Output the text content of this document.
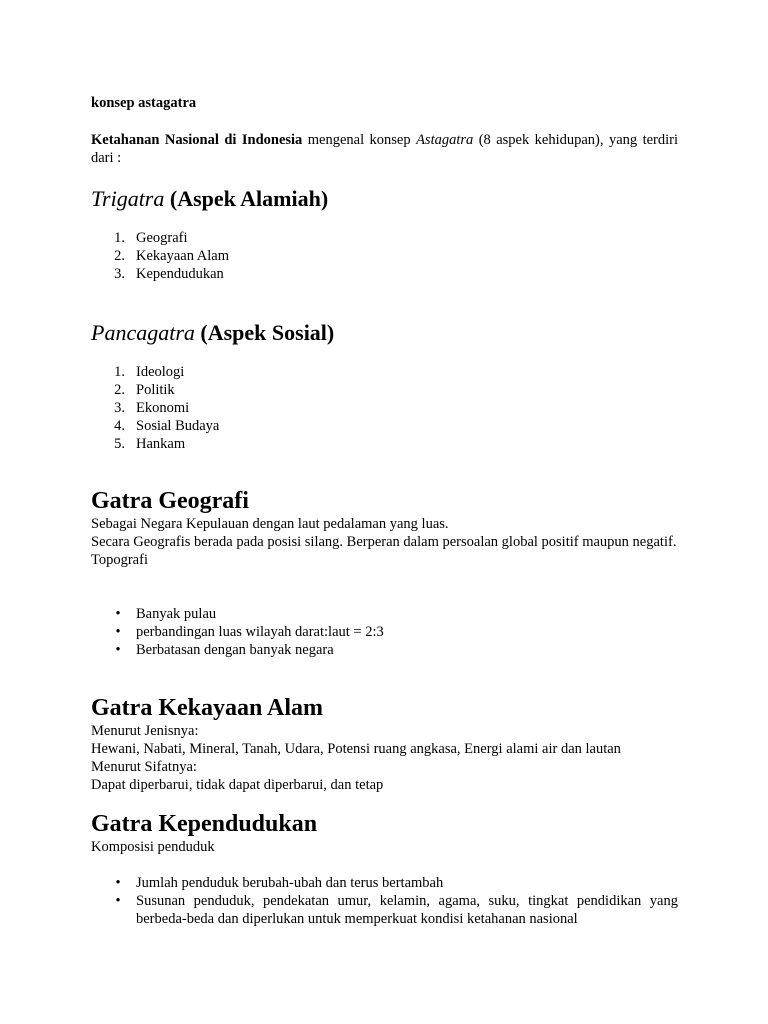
konsep astagatra
Ketahanan Nasional di Indonesia mengenal konsep Astagatra (8 aspek kehidupan), yang terdiri dari :
Trigatra (Aspek Alamiah)
1. Geografi
2. Kekayaan Alam
3. Kependudukan
Pancagatra (Aspek Sosial)
1. Ideologi
2. Politik
3. Ekonomi
4. Sosial Budaya
5. Hankam
Gatra Geografi
Sebagai Negara Kepulauan dengan laut pedalaman yang luas.
Secara Geografis berada pada posisi silang. Berperan dalam persoalan global positif maupun negatif.
Topografi
• Banyak pulau
• perbandingan luas wilayah darat:laut = 2:3
• Berbatasan dengan banyak negara
Gatra Kekayaan Alam
Menurut Jenisnya:
Hewani, Nabati, Mineral, Tanah, Udara, Potensi ruang angkasa, Energi alami air dan lautan
Menurut Sifatnya:
Dapat diperbarui, tidak dapat diperbarui, dan tetap
Gatra Kependudukan
Komposisi penduduk
• Jumlah penduduk berubah-ubah dan terus bertambah
• Susunan penduduk, pendekatan umur, kelamin, agama, suku, tingkat pendidikan yang berbeda-beda dan diperlukan untuk memperkuat kondisi ketahanan nasional
